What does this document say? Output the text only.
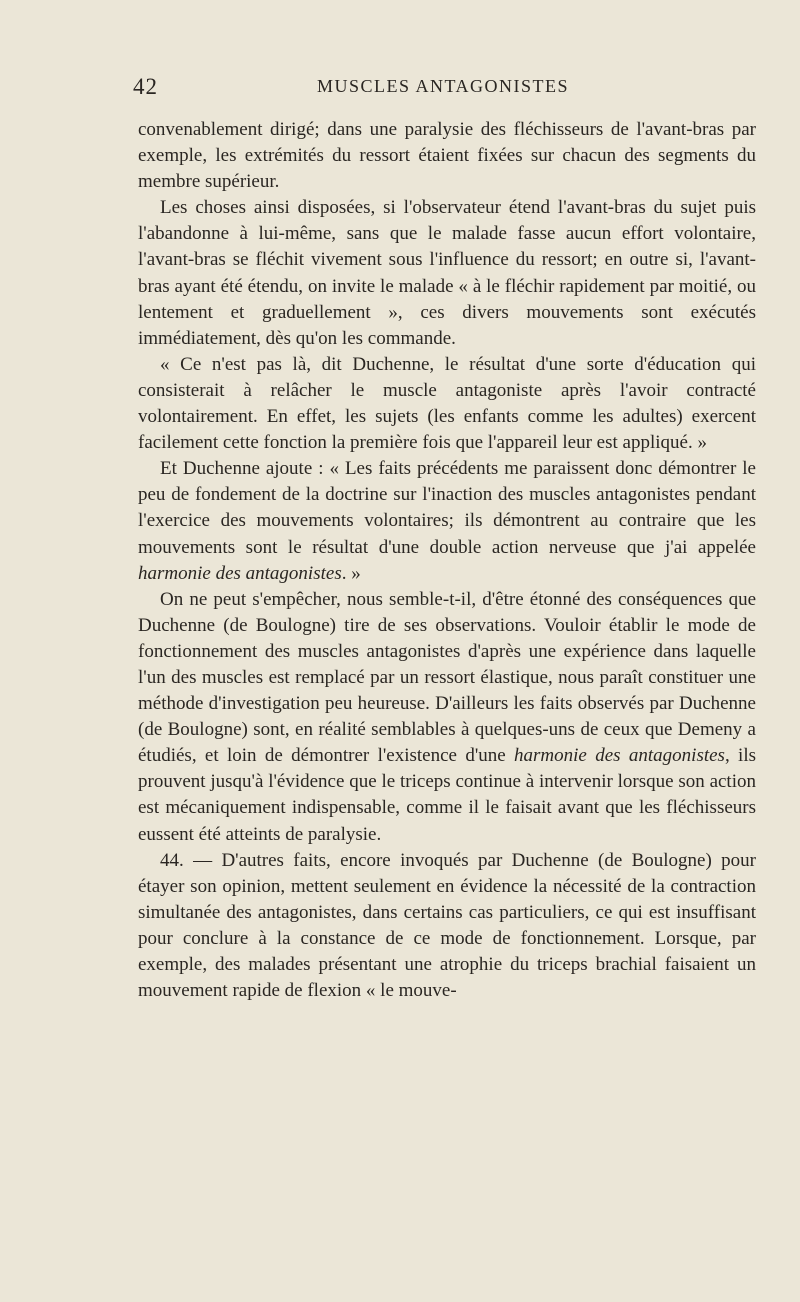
42	MUSCLES ANTAGONISTES

convenablement dirigé; dans une paralysie des fléchisseurs de l'avant-bras par exemple, les extrémités du ressort étaient fixées sur chacun des segments du membre supérieur.

Les choses ainsi disposées, si l'observateur étend l'avant-bras du sujet puis l'abandonne à lui-même, sans que le malade fasse aucun effort volontaire, l'avant-bras se fléchit vivement sous l'influence du ressort; en outre si, l'avant-bras ayant été étendu, on invite le malade « à le fléchir rapidement par moitié, ou lentement et graduellement », ces divers mouvements sont exécutés immédiatement, dès qu'on les commande.

« Ce n'est pas là, dit Duchenne, le résultat d'une sorte d'éducation qui consisterait à relâcher le muscle antagoniste après l'avoir contracté volontairement. En effet, les sujets (les enfants comme les adultes) exercent facilement cette fonction la première fois que l'appareil leur est appliqué. »

Et Duchenne ajoute : « Les faits précédents me paraissent donc démontrer le peu de fondement de la doctrine sur l'inaction des muscles antagonistes pendant l'exercice des mouvements volontaires; ils démontrent au contraire que les mouvements sont le résultat d'une double action nerveuse que j'ai appelée harmonie des antagonistes. »

On ne peut s'empêcher, nous semble-t-il, d'être étonné des conséquences que Duchenne (de Boulogne) tire de ses observations. Vouloir établir le mode de fonctionnement des muscles antagonistes d'après une expérience dans laquelle l'un des muscles est remplacé par un ressort élastique, nous paraît constituer une méthode d'investigation peu heureuse. D'ailleurs les faits observés par Duchenne (de Boulogne) sont, en réalité semblables à quelques-uns de ceux que Demeny a étudiés, et loin de démontrer l'existence d'une harmonie des antagonistes, ils prouvent jusqu'à l'évidence que le triceps continue à intervenir lorsque son action est mécaniquement indispensable, comme il le faisait avant que les fléchisseurs eussent été atteints de paralysie.

44. — D'autres faits, encore invoqués par Duchenne (de Boulogne) pour étayer son opinion, mettent seulement en évidence la nécessité de la contraction simultanée des antagonistes, dans certains cas particuliers, ce qui est insuffisant pour conclure à la constance de ce mode de fonctionnement. Lorsque, par exemple, des malades présentant une atrophie du triceps brachial faisaient un mouvement rapide de flexion « le mouve-
